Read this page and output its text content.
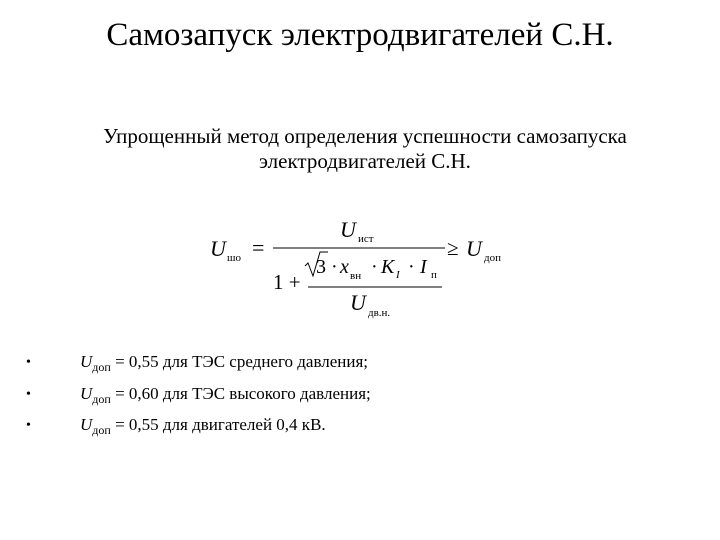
Самозапуск электродвигателей С.Н.
Упрощенный метод определения успешности самозапуска электродвигателей С.Н.
U шо =
U ист
1 +
3 · x вн · K I · I п
U дв.н.
≥ U доп
•	$U_{доп} = 0,55$ для ТЭС среднего давления;
•	$U_{доп} = 0,60$ для ТЭС высокого давления;
•	$U_{доп} = 0,55$ для двигателей 0,4 кВ.
